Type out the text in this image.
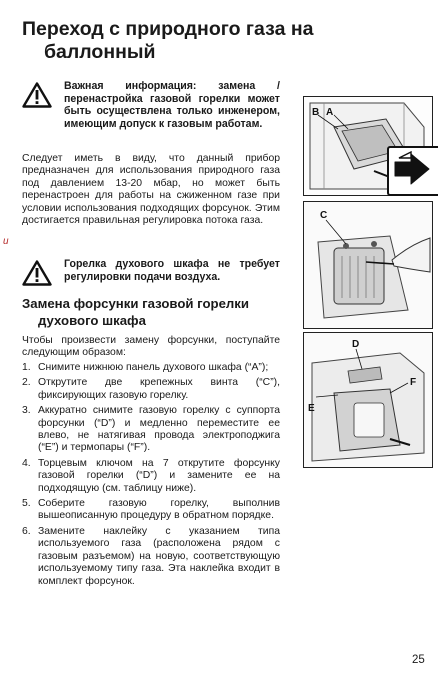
Переход с природного газа на
баллонный
Важная информация: замена / перенастройка газовой горелки может быть осуществлена только инженером, имеющим допуск к газовым работам.

Следует иметь в виду, что данный прибор предназначен для использования природного газа под давлением 13-20 мбар, но может быть перенастроен для работы на сжиженном газе при условии использования подходящих форсунок. Этим достигается правильная регулировка потока газа.

Горелка духового шкафа не требует регулировки подачи воздуха.
Замена форсунки газовой горелки
духового шкафа

Чтобы произвести замену форсунки, поступайте следующим образом:

1. Снимите нижнюю панель духового шкафа (“A”);
2. Открутите две крепежных винта (“C”), фиксирующих газовую горелку.
3. Аккуратно снимите газовую горелку с суппорта форсунки (“D”) и медленно переместите ее влево, не натягивая провода электроподжига (“E”) и термопары (“F”).
4. Торцевым ключом на 7 открутите форсунку газовой горелки (“D”) и замените ее на подходящую (см. таблицу ниже).
5. Соберите газовую горелку, выполнив вышеописанную процедуру в обратном порядке.
6. Замените наклейку с указанием типа используемого газа (расположена рядом с газовым разъемом) на новую, соответствующую используемому типу газа. Эта наклейка входит в комплект форсунок.
u
B A
C
D
E
F
25
